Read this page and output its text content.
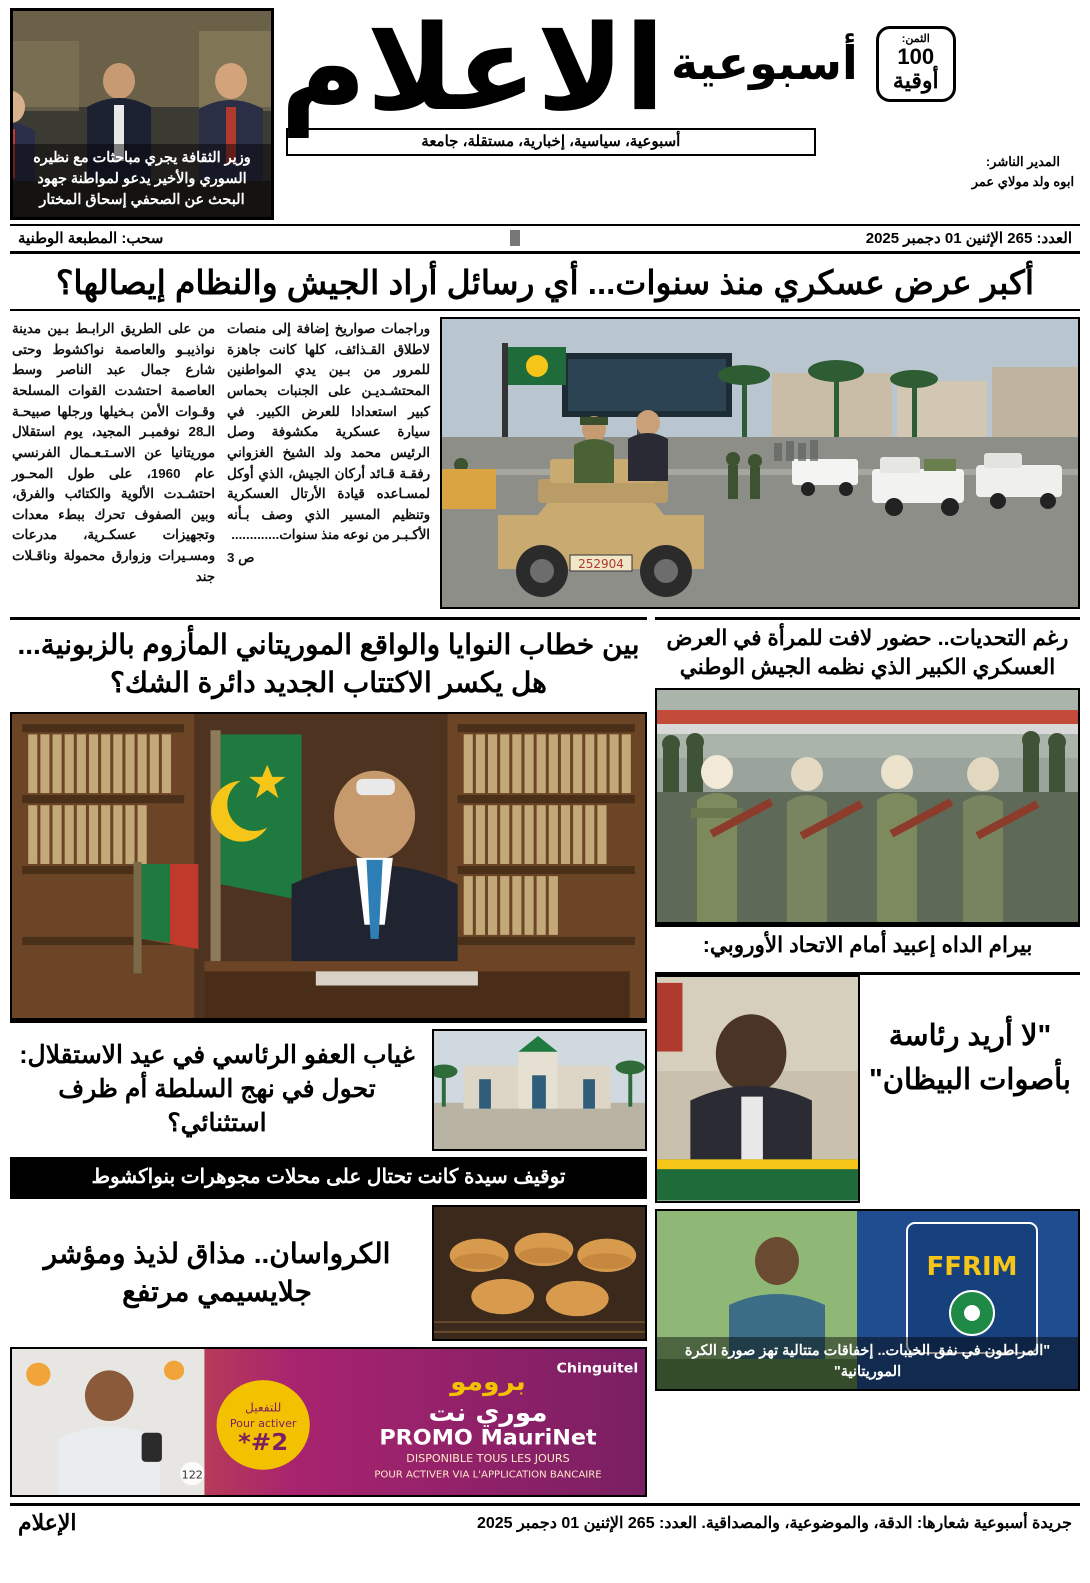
المدير الناشر:
ابوه ولد مولاي عمر
الثمن:
100 أوقية
أسبوعية
الاعلام
أسبوعية، سياسية، إخبارية، مستقلة، جامعة
وزير الثقافة يجري مباحثات مع نظيره السوري والأخير يدعو لمواطنة جهود البحث عن الصحفي إسحاق المختار
العدد: 265 الإثنين 01 دجمبر 2025
سحب: المطبعة الوطنية
أكبر عرض عسكري منذ سنوات... أي رسائل أراد الجيش والنظام إيصالها؟
252904
وراجمات صواريخ إضافة إلى منصات لاطلاق القـذائف، كلها كانت جاهزة للمرور من بـين يدي المواطنين المحتشـديـن على الجنبات بحماس كبير استعدادا للعرض الكبير. في سيارة عسكرية مكشوفة وصل الرئيس محمد ولد الشيخ الغزواني رفقـة قـائد أركان الجيش، الذي أوكل لمسـاعده قيادة الأرتال العسكرية وتنظيم المسير الذي وصف بـأنه الأكـبـر من نوعه منذ سنوات.............
ص 3
من على الطريق الرابـط بـين مدينة نواذيبـو والعاصمة نواكشوط وحتى شارع جمال عبد الناصر وسط العاصمة احتشدت القوات المسلحة وقـوات الأمن بـخيلها ورجلها صبيحـة الـ28 نوفمبـر المجيد، يوم استقلال موريتانيا عن الاسـتـعـمال الفرنسي عام 1960، على طول المحـور احتشـدت الألوية والكتائب والفرق، وبين الصفوف تحرك ببطء معدات وتجهيزات عسكـرية، مدرعات ومسـيرات وزوارق محمولة وناقـلات جند
رغم التحديات.. حضور لافت للمرأة في العرض العسكري الكبير الذي نظمه الجيش الوطني
بيرام الداه إعبيد أمام الاتحاد الأوروبي:
"لا أريد رئاسة بأصوات البيظان"
FFRIM
"المراطون في نفق الخيبات.. إخفاقات متتالية تهز صورة الكرة الموريتانية"
بين خطاب النوايا والواقع الموريتاني المأزوم بالزبونية... هل يكسر الاكتتاب الجديد دائرة الشك؟
غياب العفو الرئاسي في عيد الاستقلال: تحول في نهج السلطة أم ظرف استثنائي؟
توقيف سيدة كانت تحتال على محلات مجوهرات بنواكشوط
الكرواسان.. مذاق لذيذ ومؤشر جلايسيمي مرتفع
122
للتفعيل
Pour activer
#2*
برومو
موري نت
PROMO MauriNet
DISPONIBLE TOUS LES JOURS
POUR ACTIVER VIA L'APPLICATION BANCAIRE
Chinguitel
جريدة أسبوعية شعارها: الدقة، والموضوعية، والمصداقية. العدد: 265 الإثنين 01 دجمبر 2025
الإعلام
